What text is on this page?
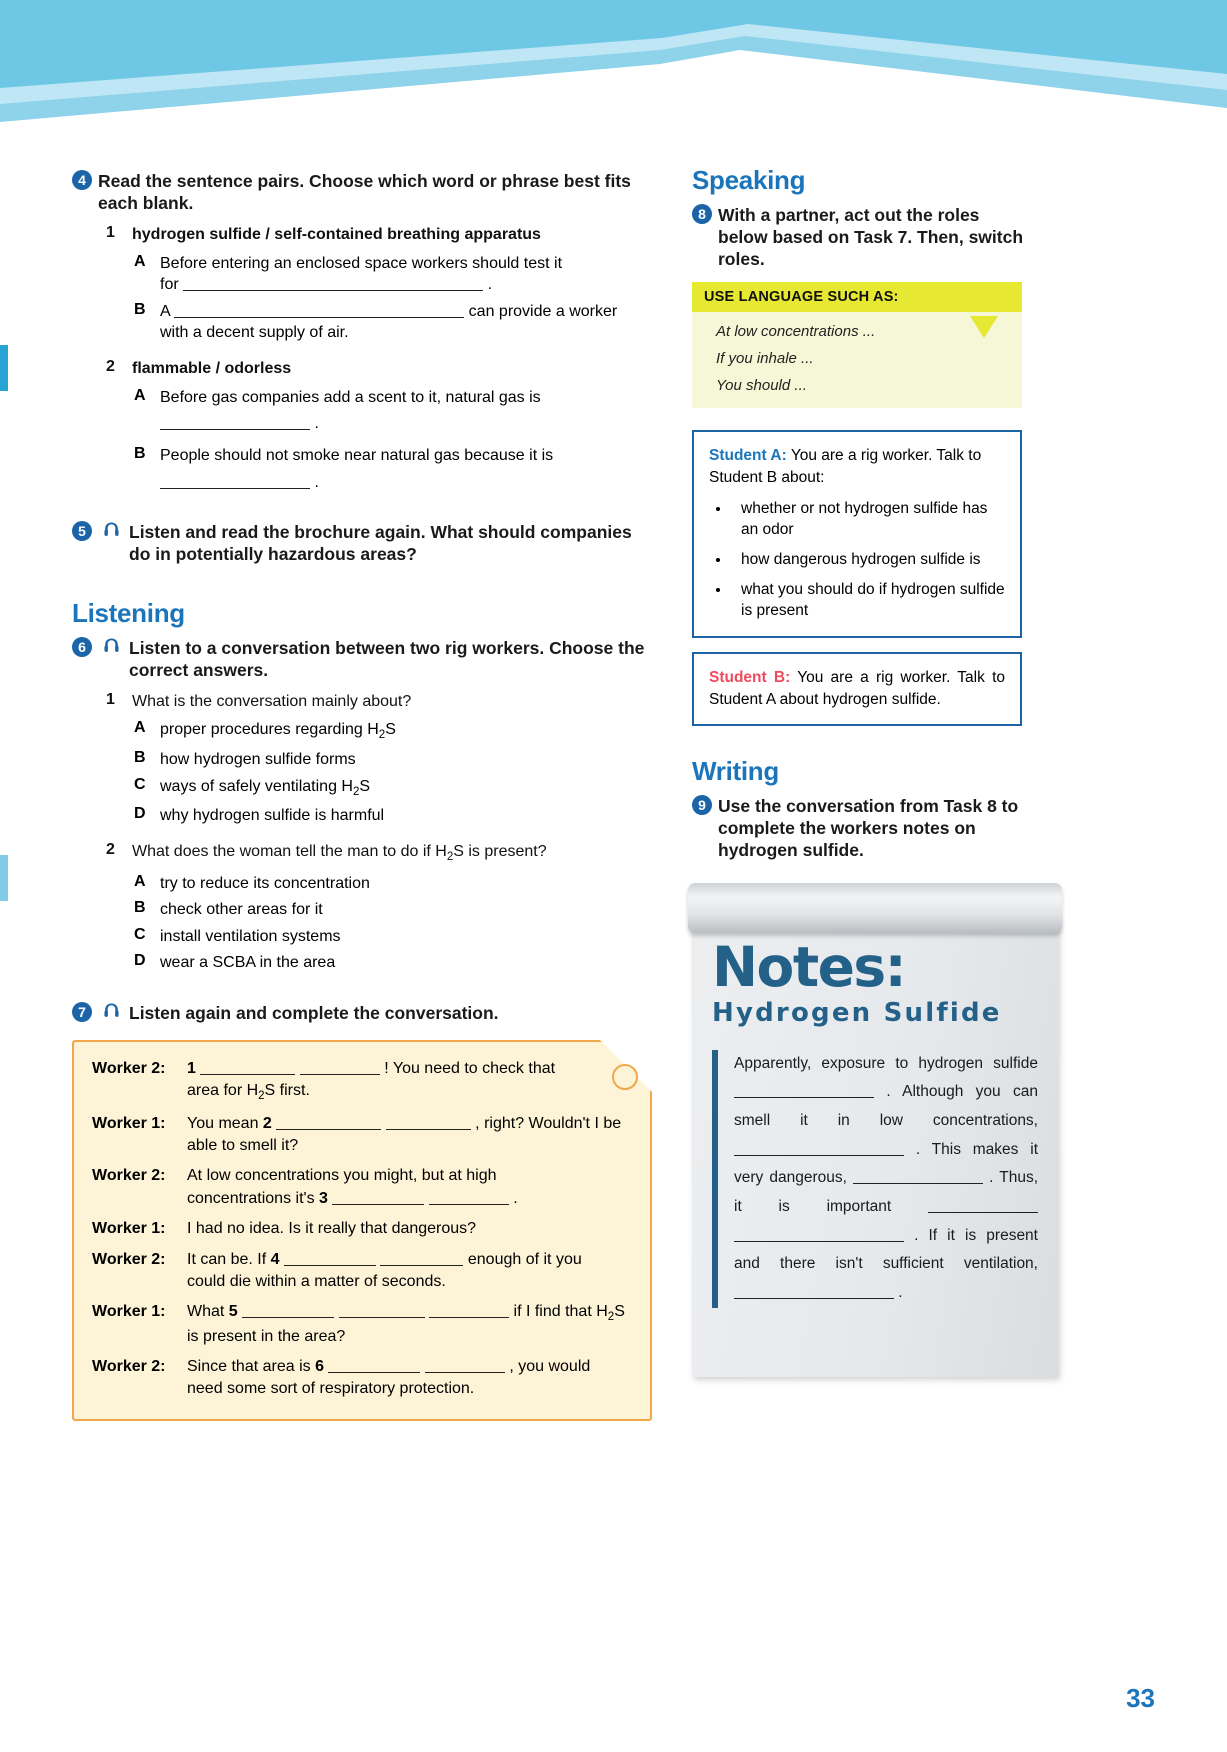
4 Read the sentence pairs. Choose which word or phrase best fits each blank.
1	hydrogen sulfide / self-contained breathing apparatus
A Before entering an enclosed space workers should test it
for	.
B A	can provide a worker
with a decent supply of air.
2	flammable / odorless
A Before gas companies add a scent to it, natural gas is
.
B People should not smoke near natural gas because it is
.
5	Listen and read the brochure again. What should companies do in potentially hazardous areas?
Listening
6	Listen to a conversation between two rig workers. Choose the correct answers.
1	What is the conversation mainly about?
A proper procedures regarding $H_2S$
B how hydrogen sulfide forms
C ways of safely ventilating $H_2S$
D why hydrogen sulfide is harmful
2	What does the woman tell the man to do if $H_2S$ is present?
A try to reduce its concentration
B check other areas for it
C install ventilation systems
D wear a SCBA in the area
7	Listen again and complete the conversation.
Worker 2:	1	! You need to check that
area for $H_2S$ first.
Worker 1:	You mean 2	, right? Wouldn't I be
able to smell it?
Worker 2:	At low concentrations you might, but at high
concentrations it's 3	.
Worker 1:	I had no idea. Is it really that dangerous?
Worker 2:	It can be. If 4	enough of it you
could die within a matter of seconds.
Worker 1:	What 5	if I find that $H_2S$
is present in the area?
Worker 2:	Since that area is 6	, you would
need some sort of respiratory protection.
Speaking
8 With a partner, act out the roles below based on Task 7. Then, switch roles.
USE LANGUAGE SUCH AS:

At low concentrations ...

If you inhale ...

You should ...

Student A: You are a rig worker. Talk to Student B about:
• whether or not hydrogen sulfide has an odor
• how dangerous hydrogen sulfide is
• what you should do if hydrogen sulfide is present
Student B: You are a rig worker. Talk to Student A about hydrogen sulfide.
Writing
9 Use the conversation from Task 8 to complete the workers notes on hydrogen sulfide.
Notes:
Hydrogen Sulfide
Apparently, exposure to hydrogen sulfide  . Although you can smell it in low concentrations,  . This makes it very dangerous,	. Thus, it is important   . If it is present and there isn't sufficient ventilation,  .
33
